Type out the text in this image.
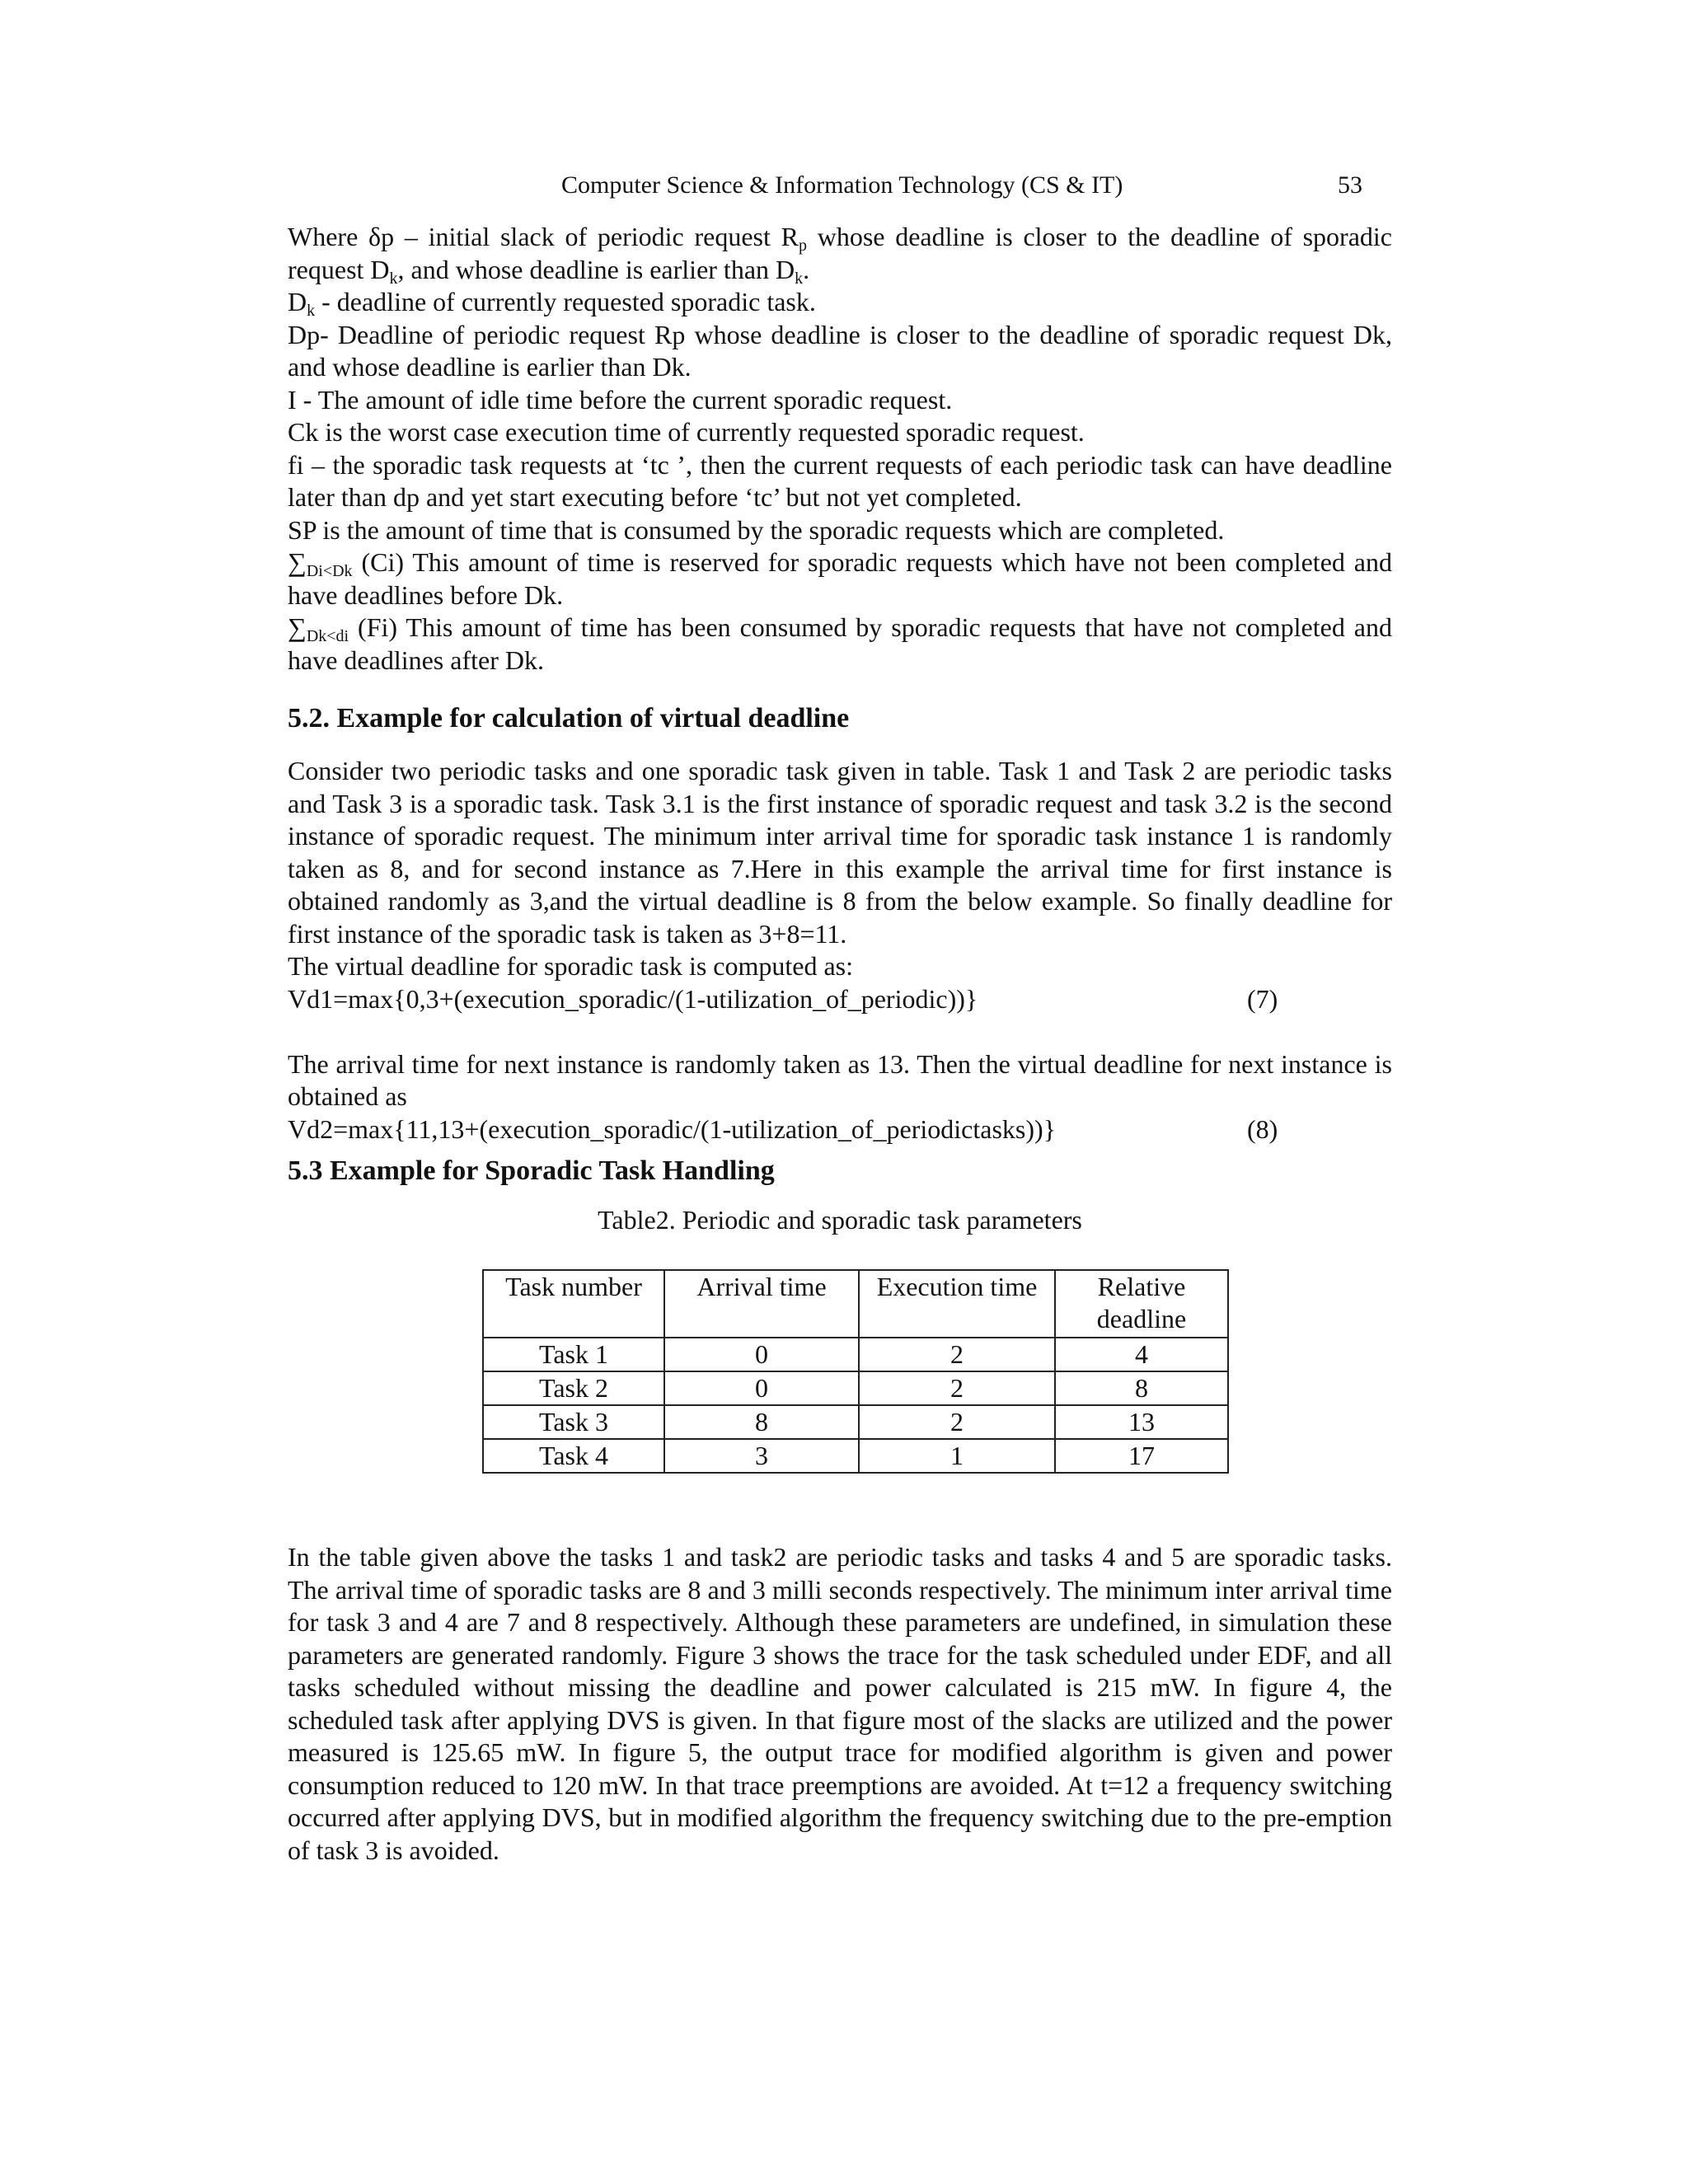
Computer Science & Information Technology (CS & IT)	53

Where δp – initial slack of periodic request $R_p$ whose deadline is closer to the deadline of sporadic request $D_k$, and whose deadline is earlier than $D_k$.

$D_k$ - deadline of currently requested sporadic task.

Dp- Deadline of periodic request Rp whose deadline is closer to the deadline of sporadic request Dk, and whose deadline is earlier than Dk.

I - The amount of idle time before the current sporadic request.

Ck is the worst case execution time of currently requested sporadic request.

fi – the sporadic task requests at ‘tc ’, then the current requests of each periodic task can have deadline later than dp and yet start executing before ‘tc’ but not yet completed.

SP is the amount of time that is consumed by the sporadic requests which are completed.

$\sum_{Di<Dk}$ (Ci) This amount of time is reserved for sporadic requests which have not been completed and have deadlines before Dk.

$\sum_{Dk<di}$ (Fi) This amount of time has been consumed by sporadic requests that have not completed and have deadlines after Dk.

5.2. Example for calculation of virtual deadline

Consider two periodic tasks and one sporadic task given in table. Task 1 and Task 2 are periodic tasks and Task 3 is a sporadic task. Task 3.1 is the first instance of sporadic request and task 3.2 is the second instance of sporadic request. The minimum inter arrival time for sporadic task instance 1 is randomly taken as 8, and for second instance as 7.Here in this example the arrival time for first instance is obtained randomly as 3,and the virtual deadline is 8 from the below example. So finally deadline for first instance of the sporadic task is taken as 3+8=11.

The virtual deadline for sporadic task is computed as:

Vd1=max{0,3+(execution_sporadic/(1-utilization_of_periodic))}	(7)

The arrival time for next instance is randomly taken as 13. Then the virtual deadline for next instance is obtained as

Vd2=max{11,13+(execution_sporadic/(1-utilization_of_periodictasks))}	(8)
5.3 Example for Sporadic Task Handling
Table2. Periodic and sporadic task parameters
Task number	Arrival time	Execution time	Relative deadline
Task 1	0	2	4
Task 2	0	2	8
Task 3	8	2	13
Task 4	3	1	17

In the table given above the tasks 1 and task2 are periodic tasks and tasks 4 and 5 are sporadic tasks. The arrival time of sporadic tasks are 8 and 3 milli seconds respectively. The minimum inter arrival time for task 3 and 4 are 7 and 8 respectively. Although these parameters are undefined, in simulation these parameters are generated randomly. Figure 3 shows the trace for the task scheduled under EDF, and all tasks scheduled without missing the deadline and power calculated is 215 mW. In figure 4, the scheduled task after applying DVS is given. In that figure most of the slacks are utilized and the power measured is 125.65 mW. In figure 5, the output trace for modified algorithm is given and power consumption reduced to 120 mW. In that trace preemptions are avoided. At t=12 a frequency switching occurred after applying DVS, but in modified algorithm the frequency switching due to the pre-emption of task 3 is avoided.
